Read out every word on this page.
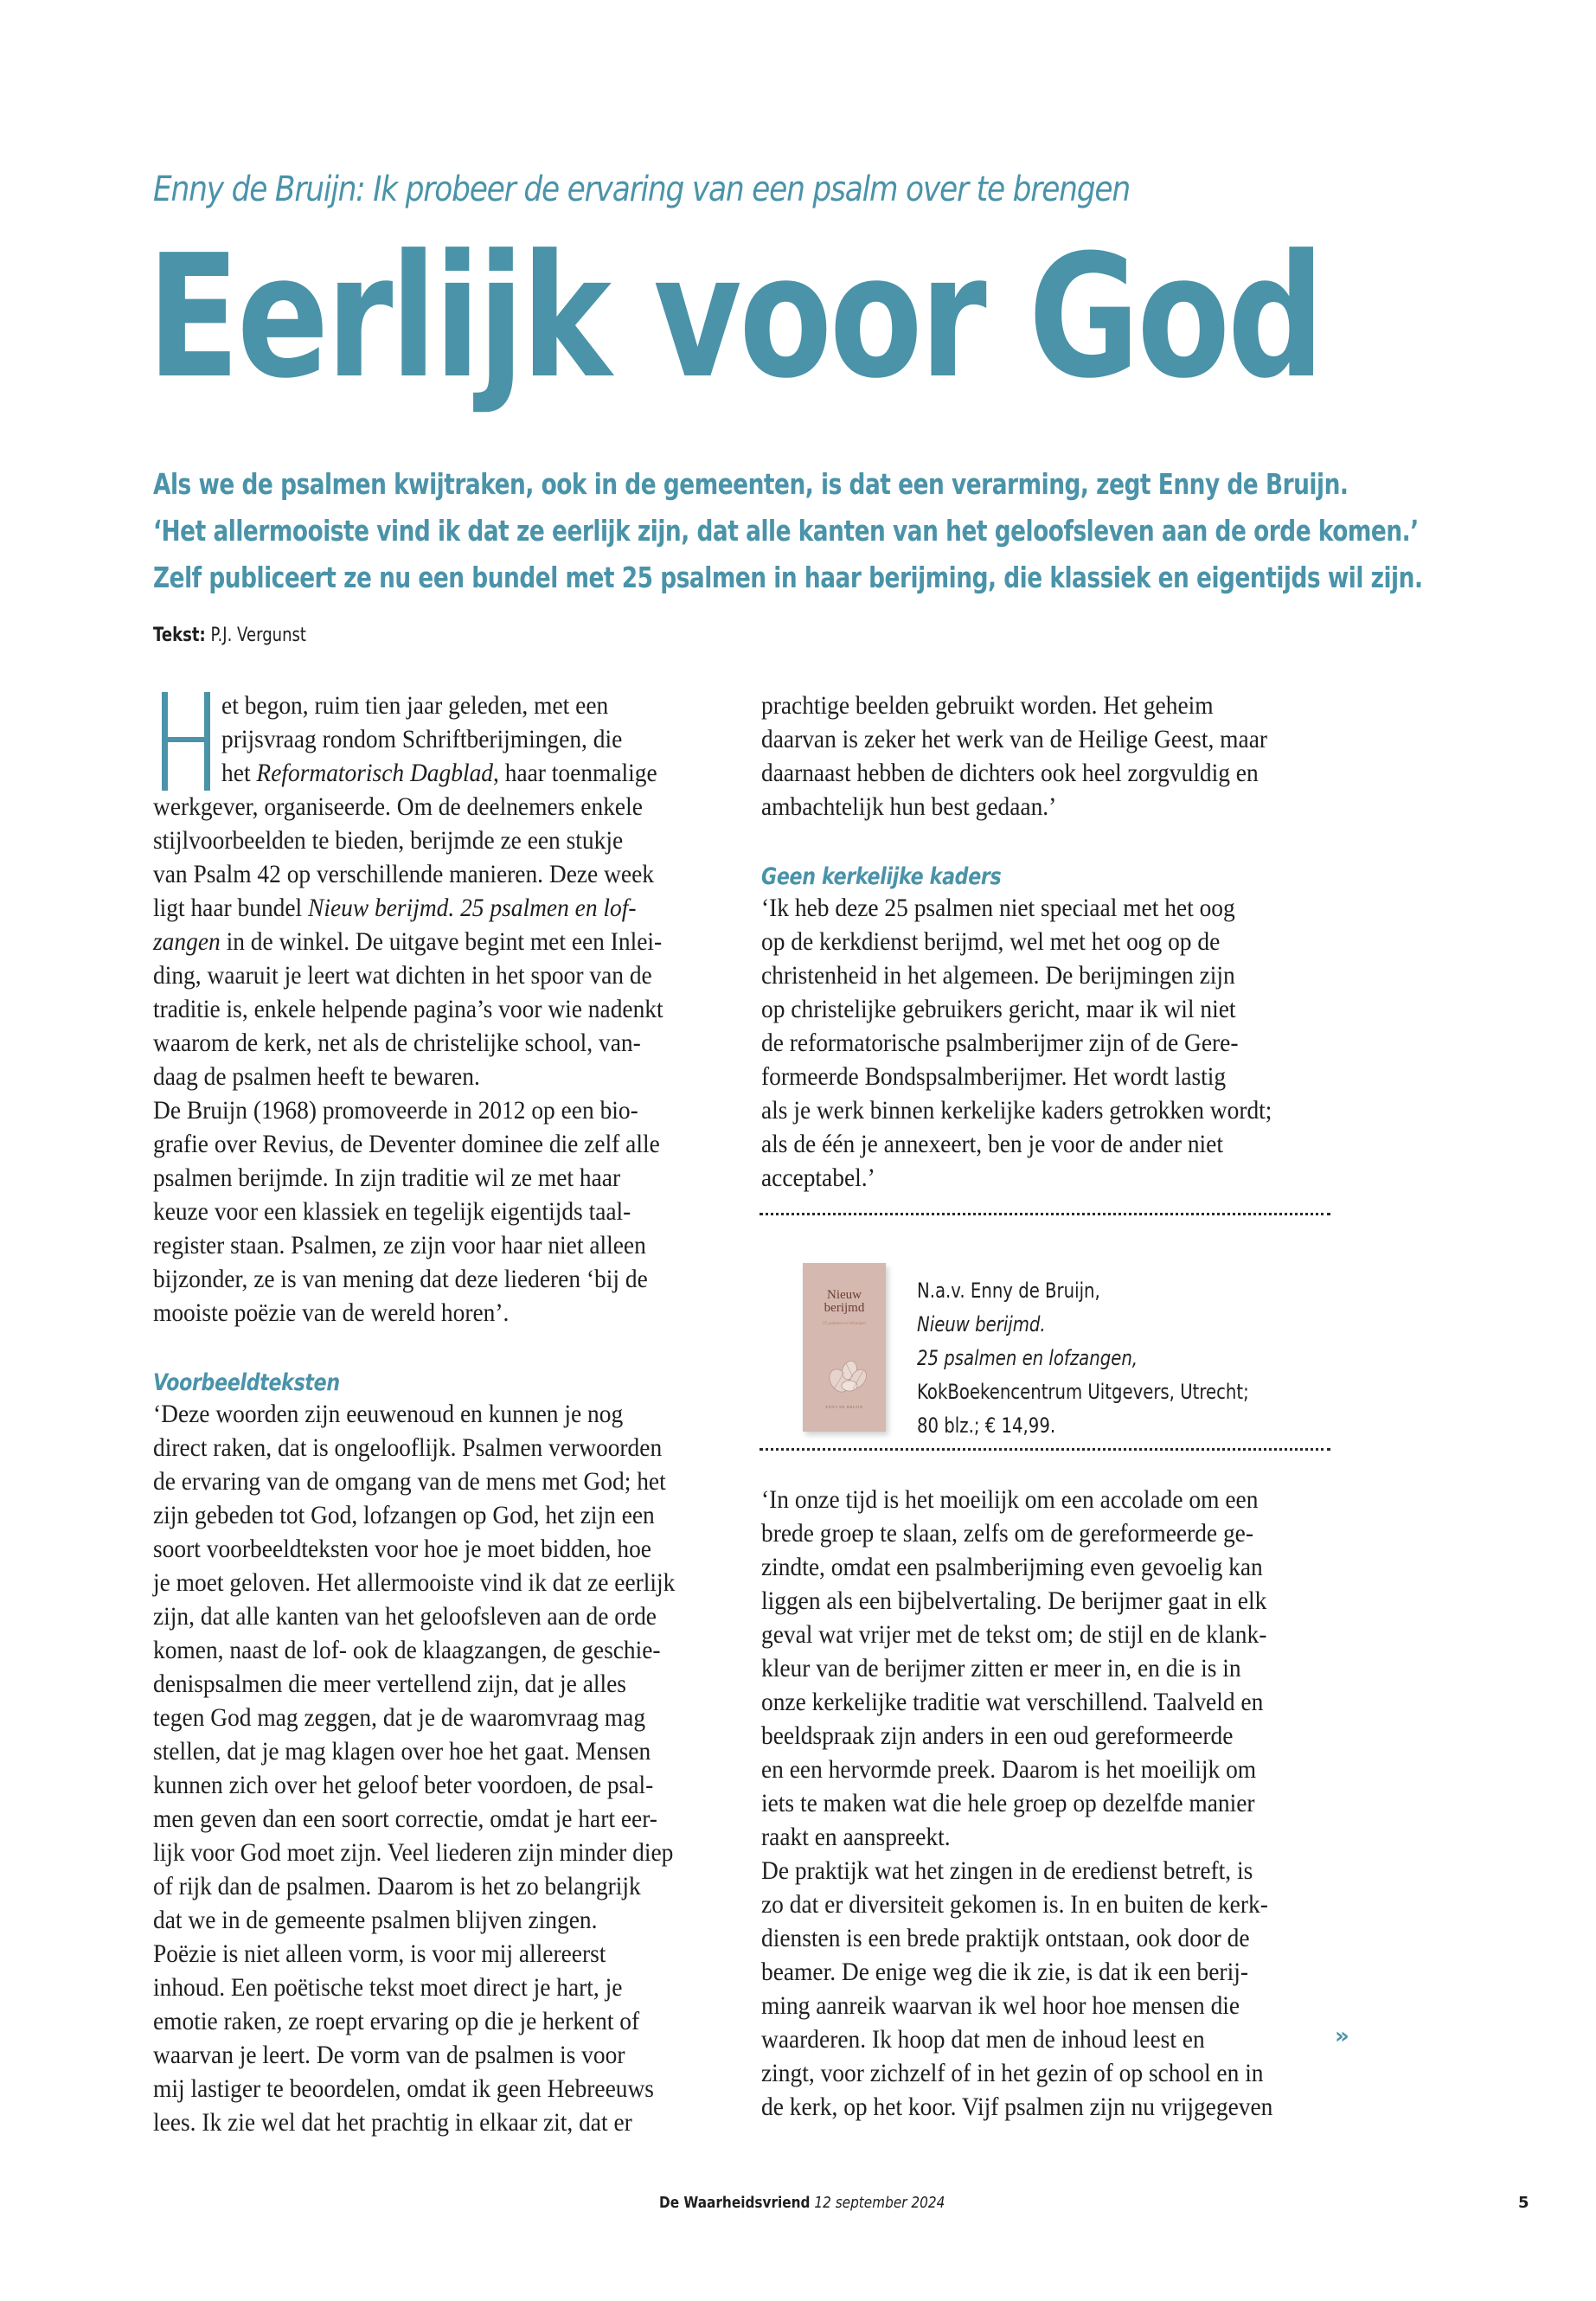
Enny de Bruijn: Ik probeer de ervaring van een psalm over te brengen
Eerlijk voor God
Als we de psalmen kwijtraken, ook in de gemeenten, is dat een verarming, zegt Enny de Bruijn.
‘Het allermooiste vind ik dat ze eerlijk zijn, dat alle kanten van het geloofsleven aan de orde komen.’
Zelf publiceert ze nu een bundel met 25 psalmen in haar berijming, die klassiek en eigentijds wil zijn.
Tekst: P.J. Vergunst
et begon, ruim tien jaar geleden, met een
prijsvraag rondom Schriftberijmingen, die
het Reformatorisch Dagblad, haar toenmalige
werkgever, organiseerde. Om de deelnemers enkele
stijlvoorbeelden te bieden, berijmde ze een stukje
van Psalm 42 op verschillende manieren. Deze week
ligt haar bundel Nieuw berijmd. 25 psalmen en lof-
zangen in de winkel. De uitgave begint met een Inlei-
ding, waaruit je leert wat dichten in het spoor van de
traditie is, enkele helpende pagina’s voor wie nadenkt
waarom de kerk, net als de christelijke school, van-
daag de psalmen heeft te bewaren.
De Bruijn (1968) promoveerde in 2012 op een bio-
grafie over Revius, de Deventer dominee die zelf alle
psalmen berijmde. In zijn traditie wil ze met haar
keuze voor een klassiek en tegelijk eigentijds taal-
register staan. Psalmen, ze zijn voor haar niet alleen
bijzonder, ze is van mening dat deze liederen ‘bij de
mooiste poëzie van de wereld horen’.
Voorbeeldteksten
‘Deze woorden zijn eeuwenoud en kunnen je nog
direct raken, dat is ongelooflijk. Psalmen verwoorden
de ervaring van de omgang van de mens met God; het
zijn gebeden tot God, lofzangen op God, het zijn een
soort voorbeeldteksten voor hoe je moet bidden, hoe
je moet geloven. Het allermooiste vind ik dat ze eerlijk
zijn, dat alle kanten van het geloofsleven aan de orde
komen, naast de lof- ook de klaagzangen, de geschie-
denispsalmen die meer vertellend zijn, dat je alles
tegen God mag zeggen, dat je de waaromvraag mag
stellen, dat je mag klagen over hoe het gaat. Mensen
kunnen zich over het geloof beter voordoen, de psal-
men geven dan een soort correctie, omdat je hart eer-
lijk voor God moet zijn. Veel liederen zijn minder diep
of rijk dan de psalmen. Daarom is het zo belangrijk
dat we in de gemeente psalmen blijven zingen.
Poëzie is niet alleen vorm, is voor mij allereerst
inhoud. Een poëtische tekst moet direct je hart, je
emotie raken, ze roept ervaring op die je herkent of
waarvan je leert. De vorm van de psalmen is voor
mij lastiger te beoordelen, omdat ik geen Hebreeuws
lees. Ik zie wel dat het prachtig in elkaar zit, dat er
prachtige beelden gebruikt worden. Het geheim
daarvan is zeker het werk van de Heilige Geest, maar
daarnaast hebben de dichters ook heel zorgvuldig en
ambachtelijk hun best gedaan.’
Geen kerkelijke kaders
‘Ik heb deze 25 psalmen niet speciaal met het oog
op de kerkdienst berijmd, wel met het oog op de
christenheid in het algemeen. De berijmingen zijn
op christelijke gebruikers gericht, maar ik wil niet
de reformatorische psalmberijmer zijn of de Gere-
formeerde Bondspsalmberijmer. Het wordt lastig
als je werk binnen kerkelijke kaders getrokken wordt;
als de één je annexeert, ben je voor de ander niet
acceptabel.’
Nieuw
berijmd
25 psalmen en lofzangen
ENNY DE BRUIJN
N.a.v. Enny de Bruijn,
Nieuw berijmd.
25 psalmen en lofzangen,
KokBoekencentrum Uitgevers, Utrecht;
80 blz.; € 14,99.
‘In onze tijd is het moeilijk om een accolade om een
brede groep te slaan, zelfs om de gereformeerde ge-
zindte, omdat een psalmberijming even gevoelig kan
liggen als een bijbelvertaling. De berijmer gaat in elk
geval wat vrijer met de tekst om; de stijl en de klank-
kleur van de berijmer zitten er meer in, en die is in
onze kerkelijke traditie wat verschillend. Taalveld en
beeldspraak zijn anders in een oud gereformeerde
en een hervormde preek. Daarom is het moeilijk om
iets te maken wat die hele groep op dezelfde manier
raakt en aanspreekt.
De praktijk wat het zingen in de eredienst betreft, is
zo dat er diversiteit gekomen is. In en buiten de kerk-
diensten is een brede praktijk ontstaan, ook door de
beamer. De enige weg die ik zie, is dat ik een berij-
ming aanreik waarvan ik wel hoor hoe mensen die
waarderen. Ik hoop dat men de inhoud leest en
zingt, voor zichzelf of in het gezin of op school en in
de kerk, op het koor. Vijf psalmen zijn nu vrijgegeven
»
De Waarheidsvriend 12 september 2024	5
